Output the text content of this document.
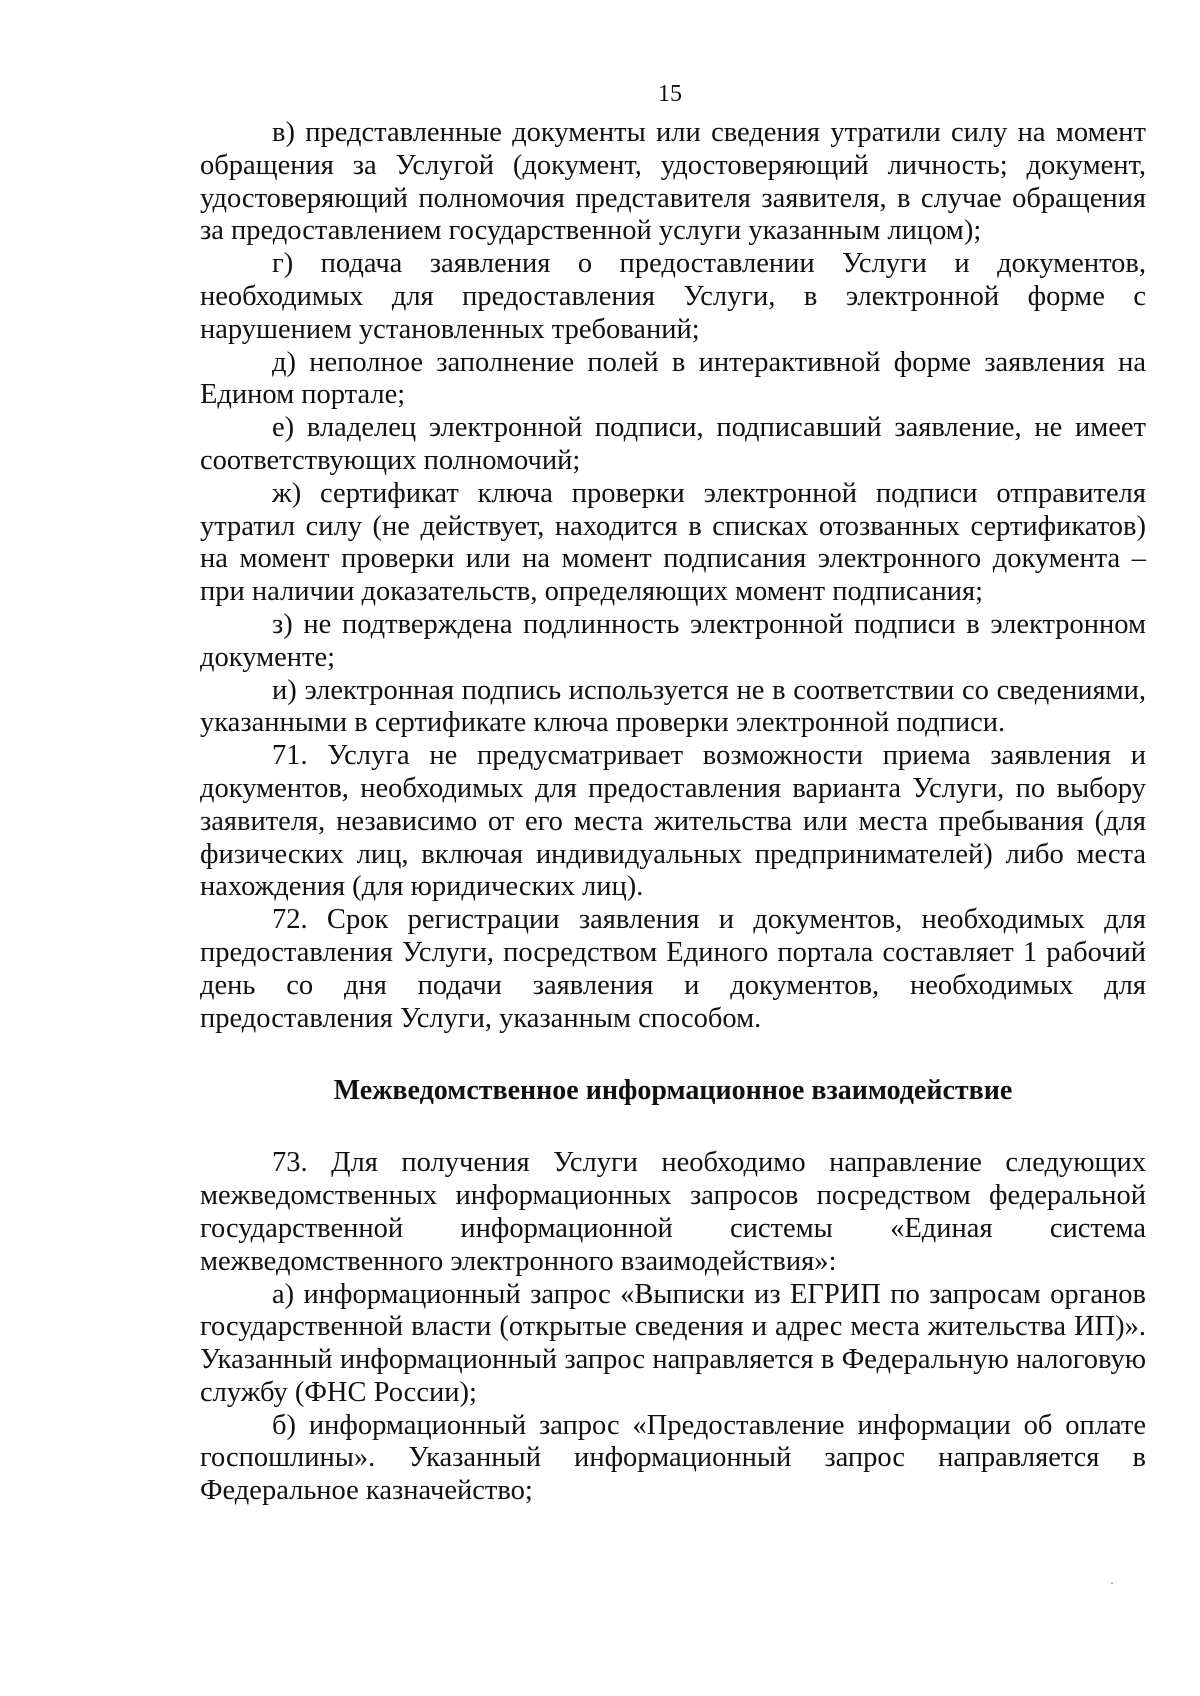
15

в) представленные документы или сведения утратили силу на момент обращения за Услугой (документ, удостоверяющий личность; документ, удостоверяющий полномочия представителя заявителя, в случае обращения за предоставлением государственной услуги указанным лицом);

г) подача заявления о предоставлении Услуги и документов, необходимых для предоставления Услуги, в электронной форме с нарушением установленных требований;

д) неполное заполнение полей в интерактивной форме заявления на Едином портале;

е) владелец электронной подписи, подписавший заявление, не имеет соответствующих полномочий;

ж) сертификат ключа проверки электронной подписи отправителя утратил силу (не действует, находится в списках отозванных сертификатов) на момент проверки или на момент подписания электронного документа – при наличии доказательств, определяющих момент подписания;

з) не подтверждена подлинность электронной подписи в электронном документе;

и) электронная подпись используется не в соответствии со сведениями, указанными в сертификате ключа проверки электронной подписи.

71. Услуга не предусматривает возможности приема заявления и документов, необходимых для предоставления варианта Услуги, по выбору заявителя, независимо от его места жительства или места пребывания (для физических лиц, включая индивидуальных предпринимателей) либо места нахождения (для юридических лиц).

72. Срок регистрации заявления и документов, необходимых для предоставления Услуги, посредством Единого портала составляет 1 рабочий день со дня подачи заявления и документов, необходимых для предоставления Услуги, указанным способом.

Межведомственное информационное взаимодействие

73. Для получения Услуги необходимо направление следующих межведомственных информационных запросов посредством федеральной государственной информационной системы «Единая система межведомственного электронного взаимодействия»:

а) информационный запрос «Выписки из ЕГРИП по запросам органов государственной власти (открытые сведения и адрес места жительства ИП)». Указанный информационный запрос направляется в Федеральную налоговую службу (ФНС России);

б) информационный запрос «Предоставление информации об оплате госпошлины». Указанный информационный запрос направляется в Федеральное казначейство;
